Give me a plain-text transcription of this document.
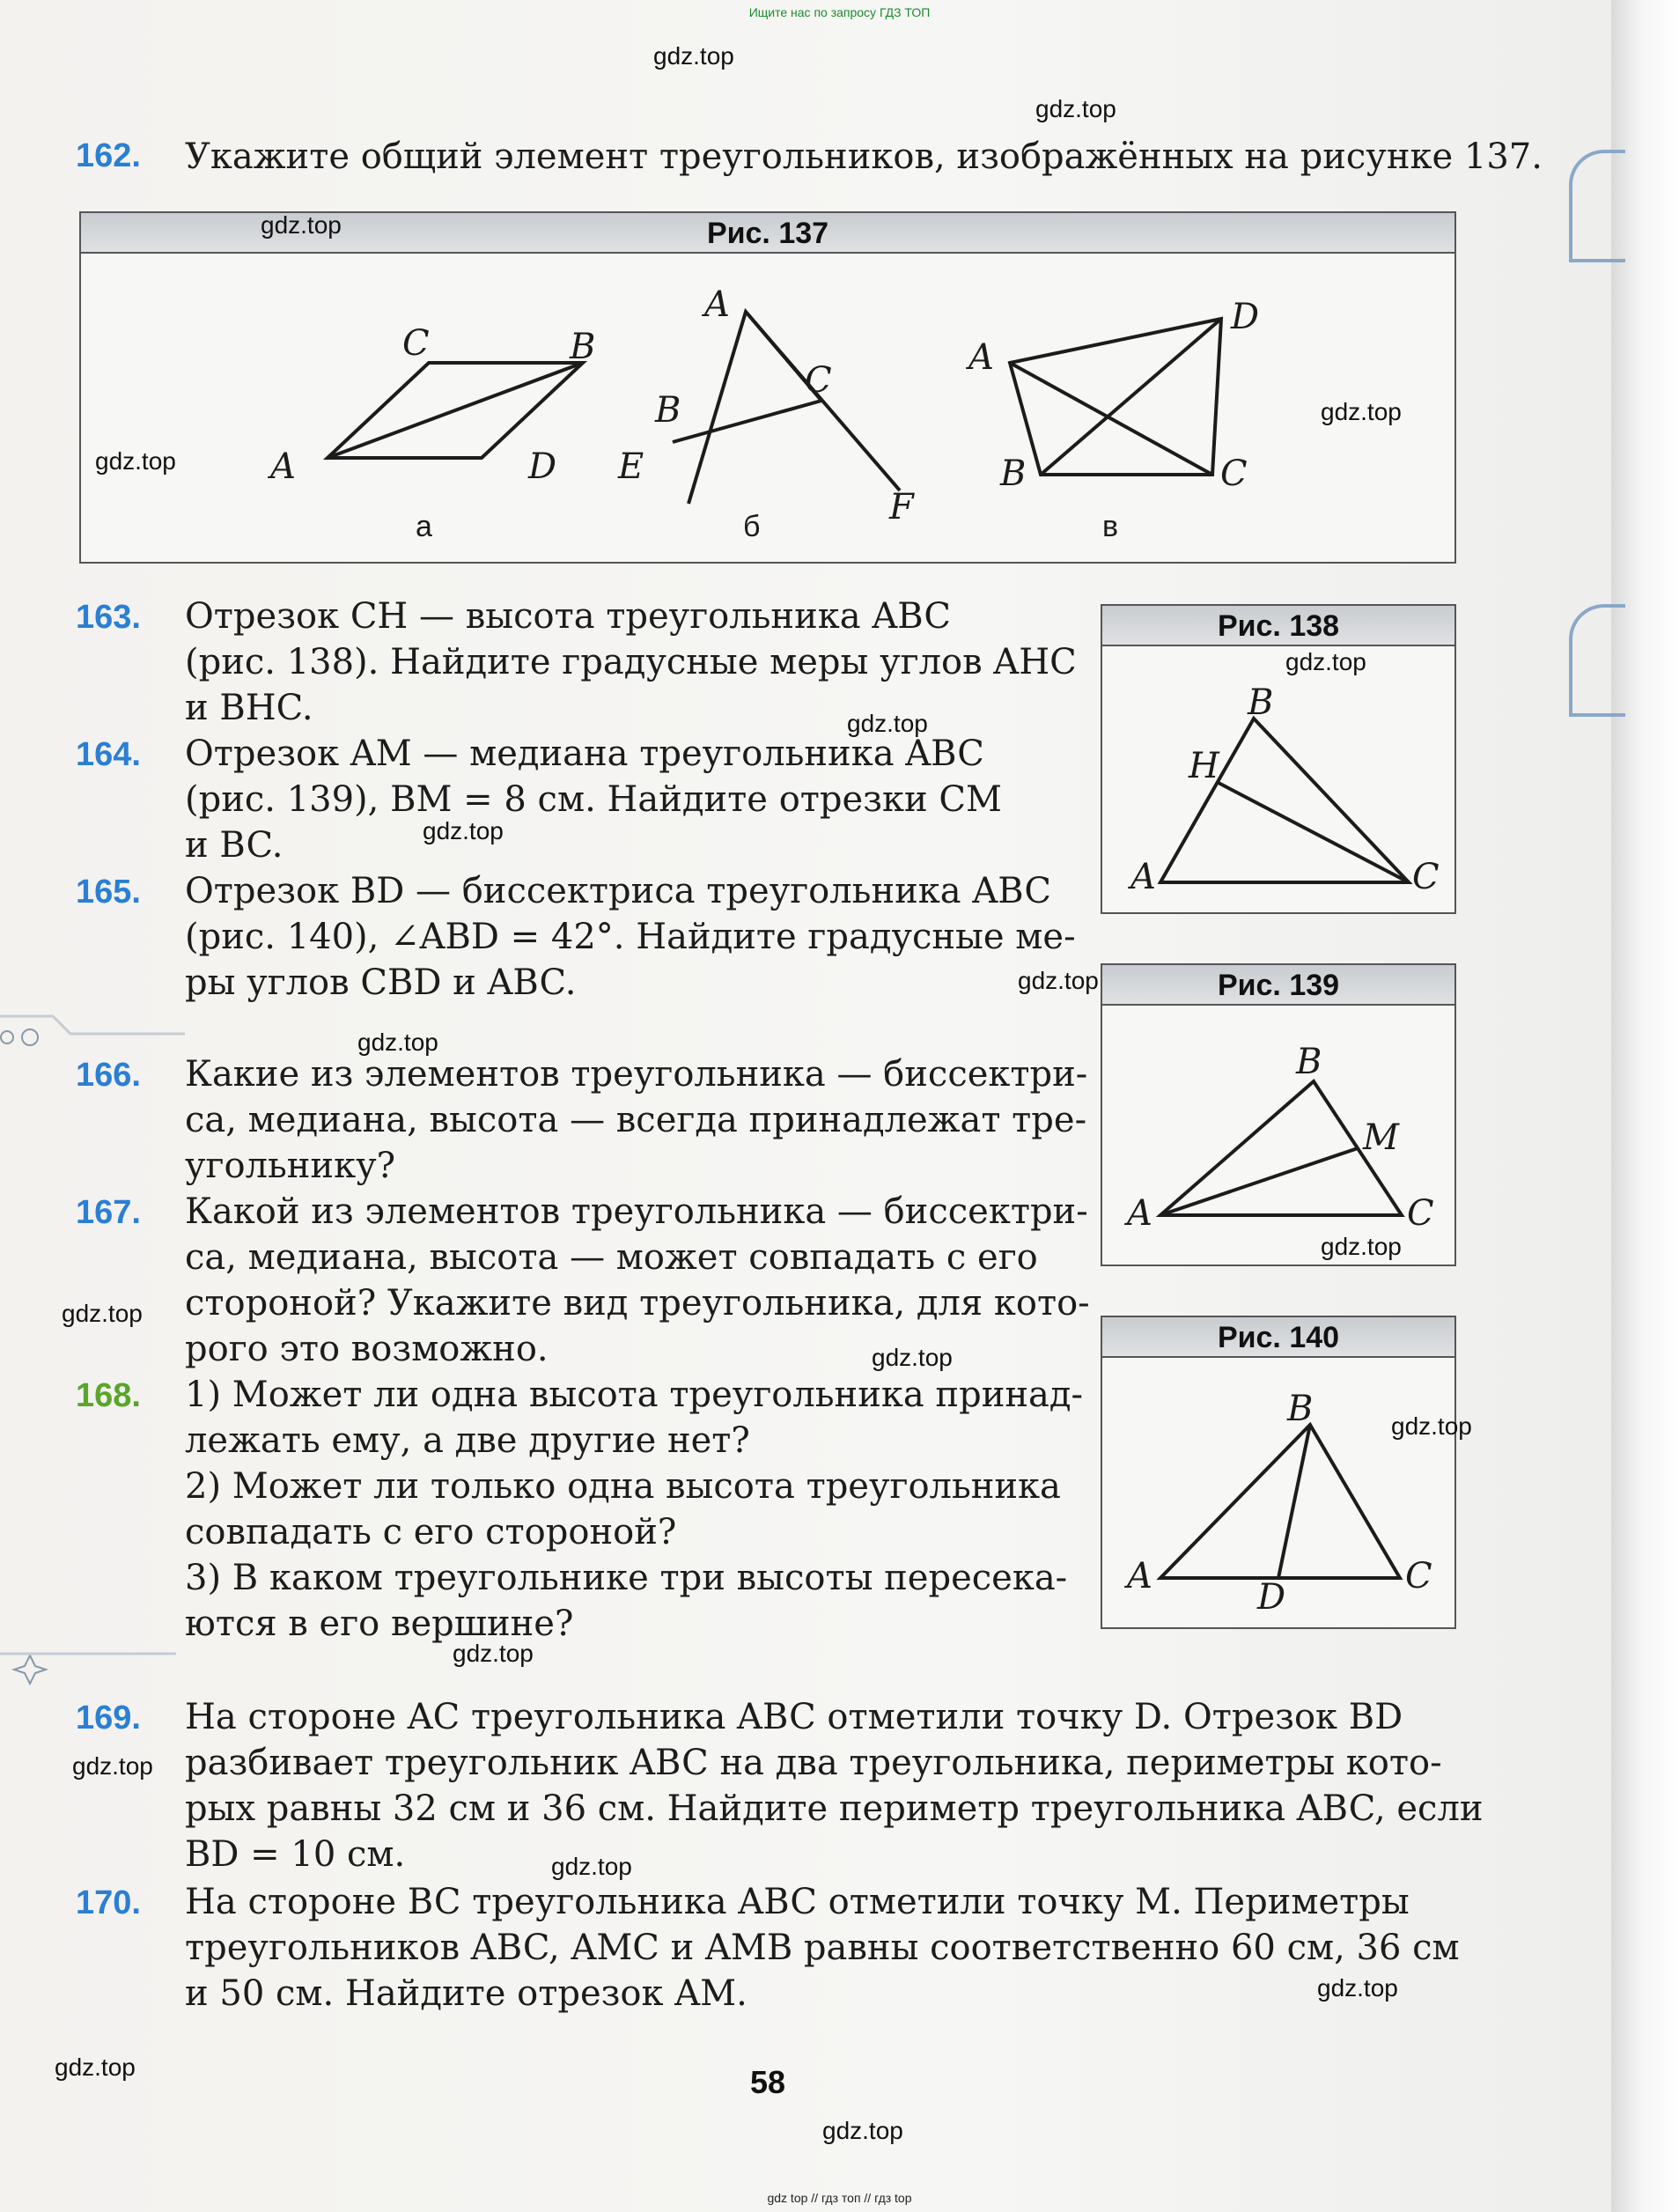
Ищите нас по запросу ГДЗ ТОП
162. Укажите общий элемент треугольников, изображённых на рисунке 137.
Рис. 137
A
C	B
D
а
A
B
C
E
F
б
A
B	C
D
в
163. Отрезок CH — высота треугольника ABC
(рис. 138). Найдите градусные меры углов AHC
и BHC.
164. Отрезок AM — медиана треугольника ABC
(рис. 139), BM = 8 см. Найдите отрезки CM
и BC.
165. Отрезок BD — биссектриса треугольника ABC
(рис. 140), ∠ABD = 42°. Найдите градусные ме-
ры углов CBD и ABC.
166. Какие из элементов треугольника — биссектри-
са, медиана, высота — всегда принадлежат тре-
угольнику?
167. Какой из элементов треугольника — биссектри-
са, медиана, высота — может совпадать с его
стороной? Укажите вид треугольника, для кото-
рого это возможно.
168. 1) Может ли одна высота треугольника принад-
лежать ему, а две другие нет?
2) Может ли только одна высота треугольника
совпадать с его стороной?
3) В каком треугольнике три высоты пересека-
ются в его вершине?
Рис. 138
B
H
A	C
Рис. 139
B
M
A	C
Рис. 140
B
A
D
C
169. На стороне AC треугольника ABC отметили точку D. Отрезок BD
разбивает треугольник ABC на два треугольника, периметры кото-
рых равны 32 см и 36 см. Найдите периметр треугольника ABC, если
BD = 10 см.
170. На стороне BC треугольника ABC отметили точку M. Периметры
треугольников ABC, AMC и AMB равны соответственно 60 см, 36 см
и 50 см. Найдите отрезок AM.
58
gdz.top
gdz.top
gdz.top
gdz.top
gdz.top
gdz.top
gdz.top
gdz.top
gdz.top
gdz.top
gdz.top
gdz.top
gdz.top
gdz.top
gdz.top
gdz.top
gdz.top
gdz.top
gdz.top
gdz.top
gdz top // гдз топ // гдз top
